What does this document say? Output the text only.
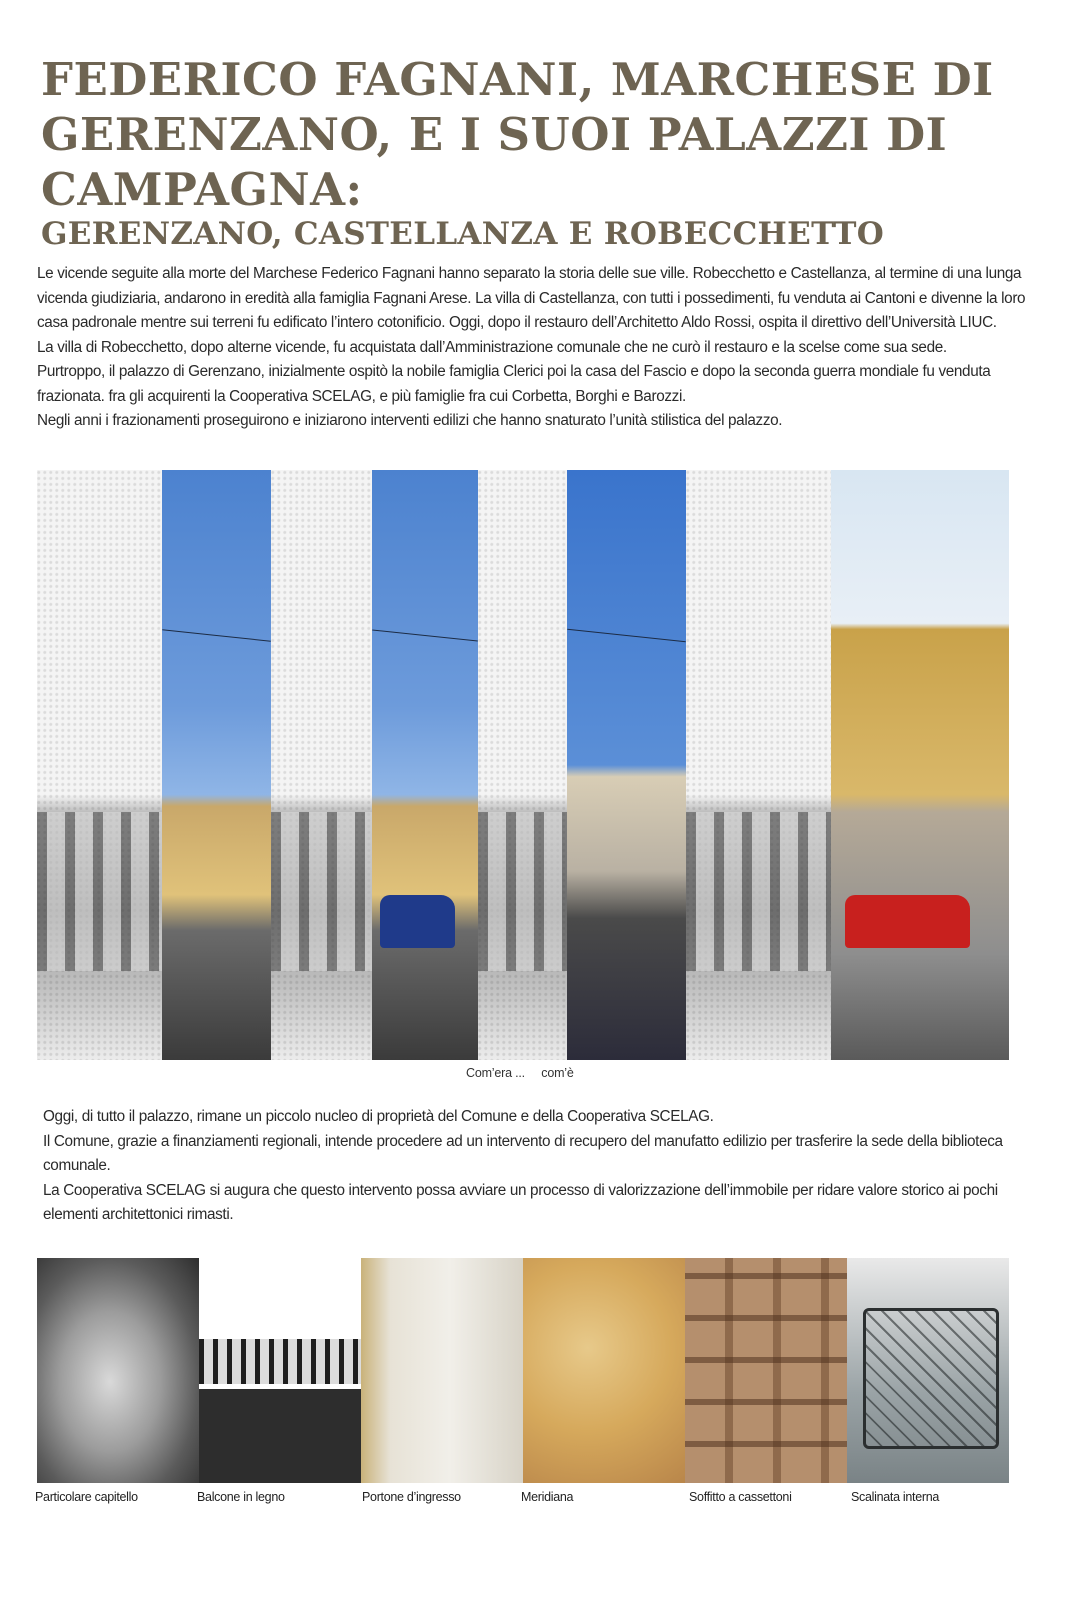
FEDERICO FAGNANI, MARCHESE DI
GERENZANO, E I SUOI PALAZZI DI
CAMPAGNA:
GERENZANO, CASTELLANZA E ROBECCHETTO

Le vicende seguite alla morte del Marchese Federico Fagnani hanno separato la storia delle sue ville. Robecchetto e Castellanza, al termine di una lunga vicenda giudiziaria, andarono in eredità alla famiglia Fagnani Arese. La villa di Castellanza, con tutti i possedimenti, fu venduta ai Cantoni e divenne la loro casa padronale mentre sui terreni fu edificato l’intero cotonificio. Oggi, dopo il restauro dell’Architetto Aldo Rossi, ospita il direttivo dell’Università LIUC.

La villa di Robecchetto, dopo alterne vicende, fu acquistata dall’Amministrazione comunale che ne curò il restauro e la scelse come sua sede.

Purtroppo, il palazzo di Gerenzano, inizialmente ospitò la nobile famiglia Clerici poi la casa del Fascio e dopo la seconda guerra mondiale fu venduta frazionata. fra gli acquirenti la Cooperativa SCELAG, e più famiglie fra cui Corbetta, Borghi e Barozzi.

Negli anni i frazionamenti proseguirono e iniziarono interventi edilizi che hanno snaturato l’unità stilistica del palazzo.

Com’era ...     com’è

Oggi, di tutto il palazzo, rimane un piccolo nucleo di proprietà del Comune e della Cooperativa SCELAG.

Il Comune, grazie a finanziamenti regionali, intende procedere ad un intervento di recupero del manufatto edilizio per trasferire la sede della biblioteca comunale.

La Cooperativa SCELAG si augura che questo intervento possa avviare un processo di valorizzazione dell’immobile per ridare valore storico ai pochi elementi architettonici rimasti.

Particolare capitello	Balcone in legno	Portone d’ingresso	Meridiana	Soffitto a cassettoni	Scalinata interna
